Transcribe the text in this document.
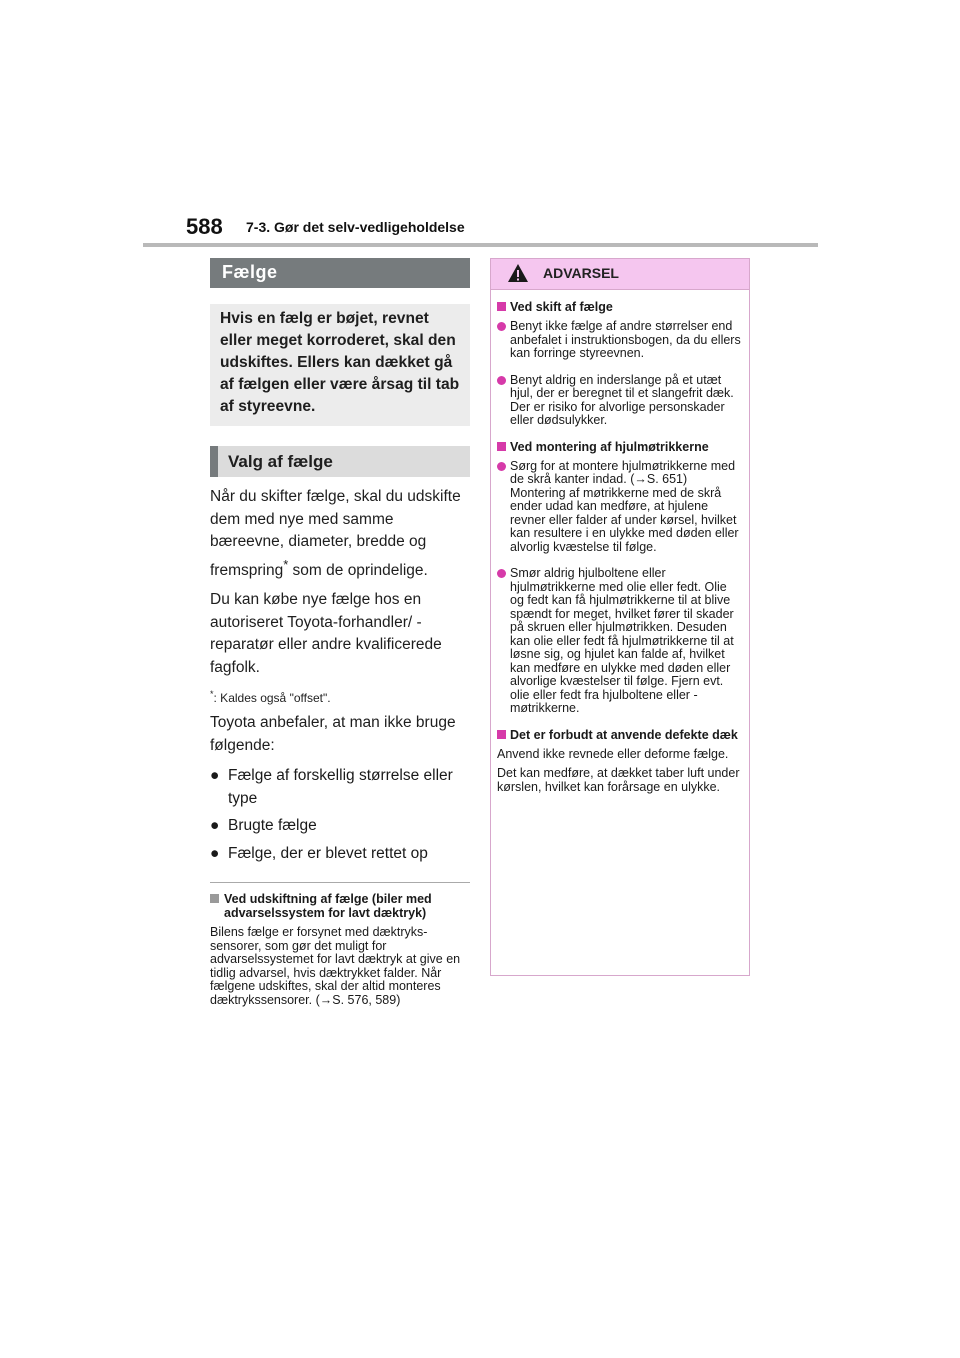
588 7-3. Gør det selv-vedligeholdelse
Fælge
Hvis en fælg er bøjet, revnet eller meget korroderet, skal den udskiftes. Ellers kan dækket gå af fælgen eller være årsag til tab af styreevne.
Valg af fælge

Når du skifter fælge, skal du udskifte dem med nye med samme bæreevne, diameter, bredde og fremspring* som de oprindelige.

Du kan købe nye fælge hos en autoriseret Toyota-forhandler/ -reparatør eller andre kvalificerede fagfolk.

*: Kaldes også "offset".

Toyota anbefaler, at man ikke bruge følgende:

● Fælge af forskellig størrelse eller type
● Brugte fælge
● Fælge, der er blevet rettet op
Ved udskiftning af fælge (biler med advarselssystem for lavt dæktryk)
Bilens fælge er forsynet med dæktryks-sensorer, som gør det muligt for advarselssystemet for lavt dæktryk at give en tidlig advarsel, hvis dæktrykket falder. Når fælgene udskiftes, skal der altid monteres dæktrykssensorer. (→S. 576, 589)
ADVARSEL
Ved skift af fælge
Benyt ikke fælge af andre størrelser end anbefalet i instruktionsbogen, da du ellers kan forringe styreevnen.
Benyt aldrig en inderslange på et utæt hjul, der er beregnet til et slangefrit dæk. Der er risiko for alvorlige personskader eller dødsulykker.
Ved montering af hjulmøtrikkerne
Sørg for at montere hjulmøtrikkerne med de skrå kanter indad. (→S. 651) Montering af møtrikkerne med de skrå ender udad kan medføre, at hjulene revner eller falder af under kørsel, hvilket kan resultere i en ulykke med døden eller alvorlig kvæstelse til følge.
Smør aldrig hjulboltene eller hjulmøtrikkerne med olie eller fedt. Olie og fedt kan få hjulmøtrikkerne til at blive spændt for meget, hvilket fører til skader på skruen eller hjulmøtrikken. Desuden kan olie eller fedt få hjulmøtrikkerne til at løsne sig, og hjulet kan falde af, hvilket kan medføre en ulykke med døden eller alvorlige kvæstelser til følge. Fjern evt. olie eller fedt fra hjulboltene eller -møtrikkerne.
Det er forbudt at anvende defekte dæk
Anvend ikke revnede eller deforme fælge.
Det kan medføre, at dækket taber luft under kørslen, hvilket kan forårsage en ulykke.
